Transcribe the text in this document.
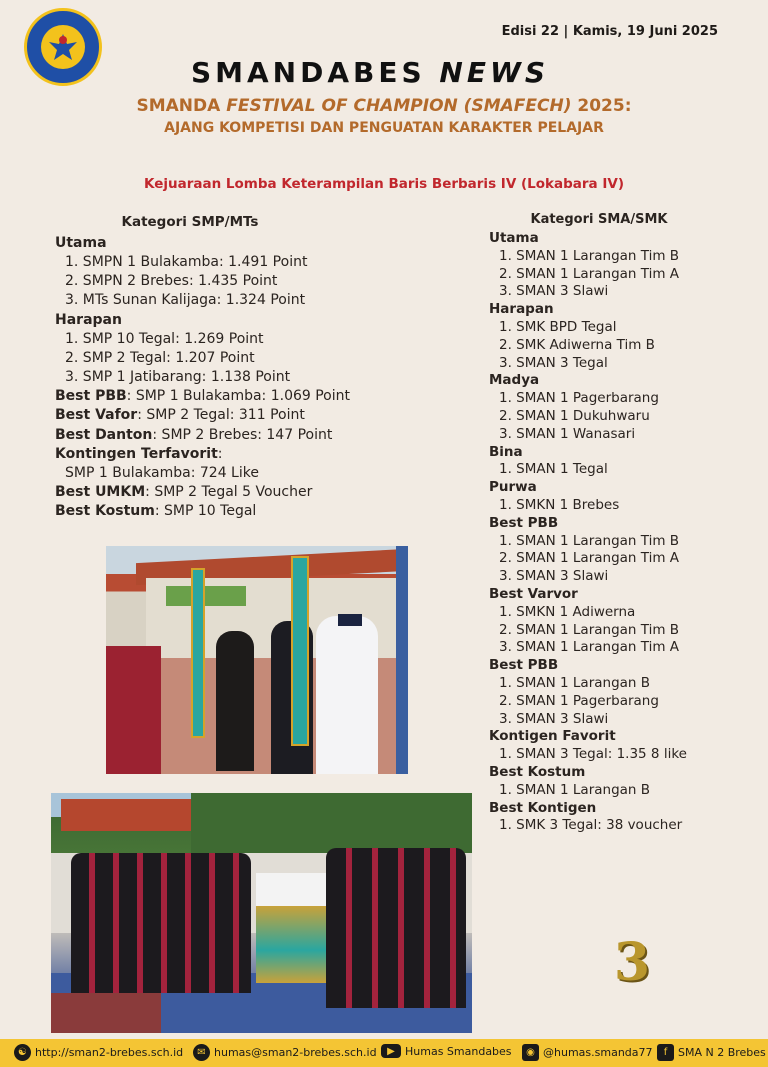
Edisi 22 | Kamis, 19 Juni 2025
SMANDABES NEWS
SMANDA FESTIVAL OF CHAMPION (SMAFECH) 2025:
AJANG KOMPETISI DAN PENGUATAN KARAKTER PELAJAR
Kejuaraan Lomba Keterampilan Baris Berbaris IV (Lokabara IV)
Kategori SMP/MTs
Utama
1. SMPN 1 Bulakamba: 1.491 Point
2. SMPN 2 Brebes: 1.435 Point
3. MTs Sunan Kalijaga: 1.324 Point
Harapan
1. SMP 10 Tegal: 1.269 Point
2. SMP 2 Tegal: 1.207 Point
3. SMP 1 Jatibarang: 1.138 Point
Best PBB: SMP 1 Bulakamba: 1.069 Point
Best Vafor: SMP 2 Tegal: 311 Point
Best Danton: SMP 2 Brebes: 147 Point
Kontingen Terfavorit:
SMP 1 Bulakamba: 724 Like
Best UMKM: SMP 2 Tegal 5 Voucher
Best Kostum: SMP 10 Tegal
Kategori SMA/SMK
Utama
1. SMAN 1 Larangan Tim B
2. SMAN 1 Larangan Tim A
3. SMAN 3 Slawi
Harapan
1. SMK BPD Tegal
2. SMK Adiwerna Tim B
3. SMAN 3 Tegal
Madya
1. SMAN 1 Pagerbarang
2. SMAN 1 Dukuhwaru
3. SMAN 1 Wanasari
Bina
1. SMAN 1 Tegal
Purwa
1. SMKN 1 Brebes
Best PBB
1. SMAN 1 Larangan Tim B
2. SMAN 1 Larangan Tim A
3. SMAN 3 Slawi
Best Varvor
1. SMKN 1 Adiwerna
2. SMAN 1 Larangan Tim B
3. SMAN 1 Larangan Tim A
Best PBB
1. SMAN 1 Larangan B
2. SMAN 1 Pagerbarang
3. SMAN 3 Slawi
Kontigen Favorit
1. SMAN 3 Tegal: 1.35 8 like
Best Kostum
1. SMAN 1 Larangan B
Best Kontigen
1. SMK 3 Tegal: 38 voucher
3
☯ http://sman2-brebes.sch.id	✉ humas@sman2-brebes.sch.id	▶ Humas Smandabes	◉ @humas.smanda77	f SMA N 2 Brebes
